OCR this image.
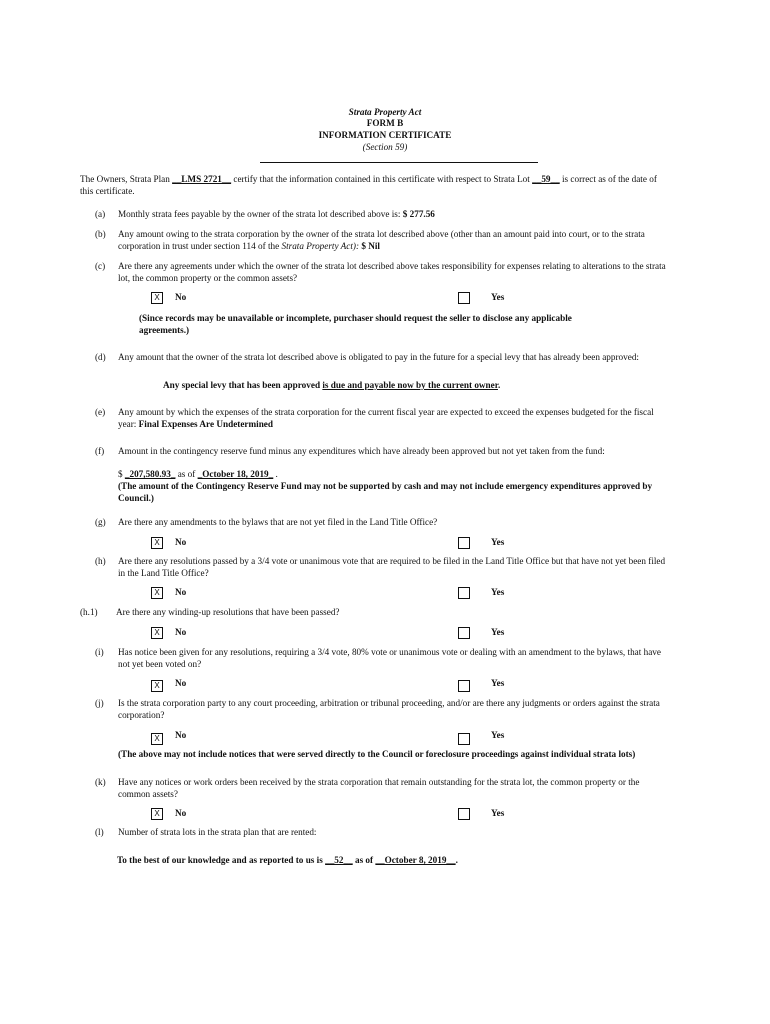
Strata Property Act
FORM B
INFORMATION CERTIFICATE
(Section 59)
The Owners, Strata Plan __LMS 2721__ certify that the information contained in this certificate with respect to Strata Lot __59__ is correct as of the date of
this certificate.
(a) Monthly strata fees payable by the owner of the strata lot described above is: $ 277.56
(b) Any amount owing to the strata corporation by the owner of the strata lot described above (other than an amount paid into court, or to the strata
corporation in trust under section 114 of the Strata Property Act): $ Nil
(c) Are there any agreements under which the owner of the strata lot described above takes responsibility for expenses relating to alterations to the strata
lot, the common property or the common assets?
X	No	Yes
(Since records may be unavailable or incomplete, purchaser should request the seller to disclose any applicable
agreements.)
(d) Any amount that the owner of the strata lot described above is obligated to pay in the future for a special levy that has already been approved:
Any special levy that has been approved is due and payable now by the current owner.
(e) Any amount by which the expenses of the strata corporation for the current fiscal year are expected to exceed the expenses budgeted for the fiscal
year: Final Expenses Are Undetermined
(f) Amount in the contingency reserve fund minus any expenditures which have already been approved but not yet taken from the fund:
$ _207,580.93_ as of _October 18, 2019_ .
(The amount of the Contingency Reserve Fund may not be supported by cash and may not include emergency expenditures approved by
Council.)
(g) Are there any amendments to the bylaws that are not yet filed in the Land Title Office?
X	No	Yes
(h) Are there any resolutions passed by a 3/4 vote or unanimous vote that are required to be filed in the Land Title Office but that have not yet been filed
in the Land Title Office?
X	No	Yes
(h.1) Are there any winding-up resolutions that have been passed?
X	No	Yes
(i) Has notice been given for any resolutions, requiring a 3/4 vote, 80% vote or unanimous vote or dealing with an amendment to the bylaws, that have
not yet been voted on?
X	No	Yes
(j) Is the strata corporation party to any court proceeding, arbitration or tribunal proceeding, and/or are there any judgments or orders against the strata
corporation?
X	No	Yes
(The above may not include notices that were served directly to the Council or foreclosure proceedings against individual strata lots)
(k) Have any notices or work orders been received by the strata corporation that remain outstanding for the strata lot, the common property or the
common assets?
X	No	Yes
(l) Number of strata lots in the strata plan that are rented:
To the best of our knowledge and as reported to us is __52__ as of __October 8, 2019__.
